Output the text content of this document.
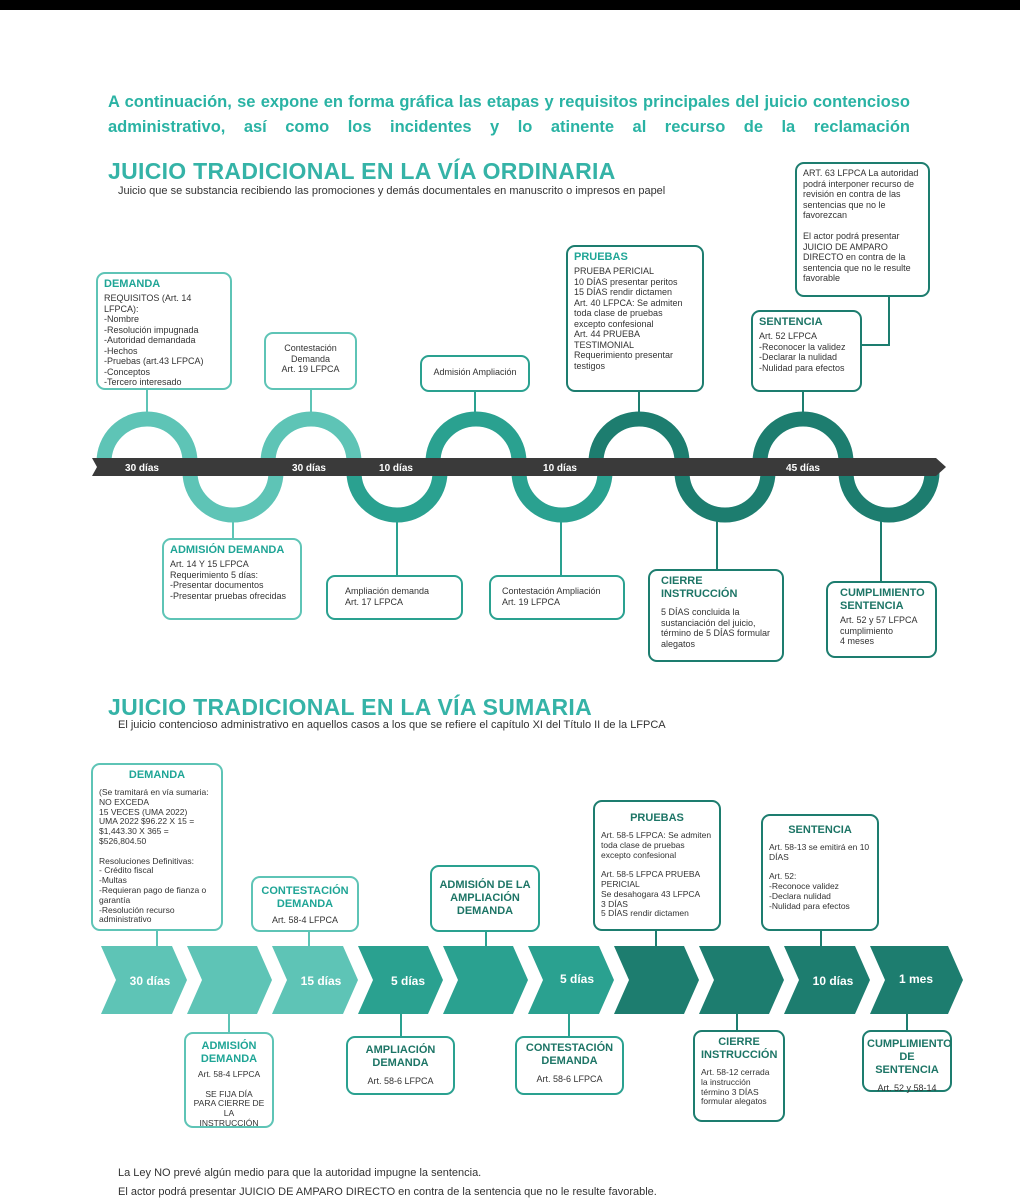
A continuación, se expone en forma gráfica las etapas y requisitos principales del juicio contencioso administrativo, así como los incidentes y lo atinente al recurso de la reclamación
JUICIO TRADICIONAL EN LA VÍA ORDINARIA
Juicio que se substancia recibiendo las promociones y demás documentales en manuscrito o impresos en papel
30 días	30 días	10 días	10 días	45 días
DEMANDA
REQUISITOS (Art. 14 LFPCA):
-Nombre
-Resolución impugnada
-Autoridad demandada
-Hechos
-Pruebas (art.43 LFPCA)
-Conceptos
-Tercero interesado
Contestación
Demanda
Art. 19 LFPCA	Admisión Ampliación
PRUEBAS
PRUEBA PERICIAL
10 DÍAS presentar peritos
15 DÍAS rendir dictamen
Art. 40 LFPCA: Se admiten toda clase de pruebas excepto confesional
Art. 44 PRUEBA TESTIMONIAL
Requerimiento presentar testigos
SENTENCIA
Art. 52 LFPCA
-Reconocer la validez
-Declarar la nulidad
-Nulidad para efectos
ART. 63 LFPCA La autoridad podrá interponer recurso de revisión en contra de las sentencias que no le favorezcan

El actor podrá presentar JUICIO DE AMPARO DIRECTO en contra de la sentencia que no le resulte favorable
ADMISIÓN DEMANDA
Art. 14 Y 15 LFPCA
Requerimiento 5 días:
-Presentar documentos
-Presentar pruebas ofrecidas	Ampliación demanda
Art. 17 LFPCA
Contestación Ampliación
Art. 19 LFPCA
CIERRE INSTRUCCIÓN
5 DÍAS concluida la sustanciación del juicio, término de 5 DÍAS formular alegatos
CUMPLIMIENTO SENTENCIA
Art. 52 y 57 LFPCA
cumplimiento
4 meses
JUICIO TRADICIONAL EN LA VÍA SUMARIA
El juicio contencioso administrativo en aquellos casos a los que se refiere el capítulo XI del Título II de la LFPCA
30 días	15 días	5 días	5 días	10 días	1 mes
DEMANDA
(Se tramitará en vía sumaria:
NO EXCEDA
15 VECES (UMA 2022)
UMA 2022 $96.22 X 15 = $1,443.30 X 365 = $526,804.50

Resoluciones Definitivas:
- Crédito fiscal
-Multas
-Requieran pago de fianza o garantía
-Resolución recurso administrativo
CONTESTACIÓN DEMANDA
Art. 58-4 LFPCA
ADMISIÓN DE LA AMPLIACIÓN DEMANDA
PRUEBAS
Art. 58-5 LFPCA: Se admiten toda clase de pruebas excepto confesional

Art. 58-5 LFPCA PRUEBA PERICIAL
Se desahogara 43 LFPCA
3 DÍAS
5 DÍAS rendir dictamen
SENTENCIA
Art. 58-13 se emitirá en 10 DÍAS

Art. 52:
-Reconoce validez
-Declara nulidad
-Nulidad para efectos
ADMISIÓN DEMANDA
Art. 58-4 LFPCA

SE FIJA DÍA
PARA CIERRE DE LA
INSTRUCCIÓN
AMPLIACIÓN DEMANDA
Art. 58-6 LFPCA
CONTESTACIÓN DEMANDA
Art. 58-6 LFPCA
CIERRE INSTRUCCIÓN
Art. 58-12 cerrada la instrucción término 3 DÍAS formular alegatos
CUMPLIMIENTO DE SENTENCIA
Art. 52 y 58-14
La Ley NO prevé algún medio para que la autoridad impugne la sentencia.
El actor podrá presentar JUICIO DE AMPARO DIRECTO en contra de la sentencia que no le resulte favorable.
